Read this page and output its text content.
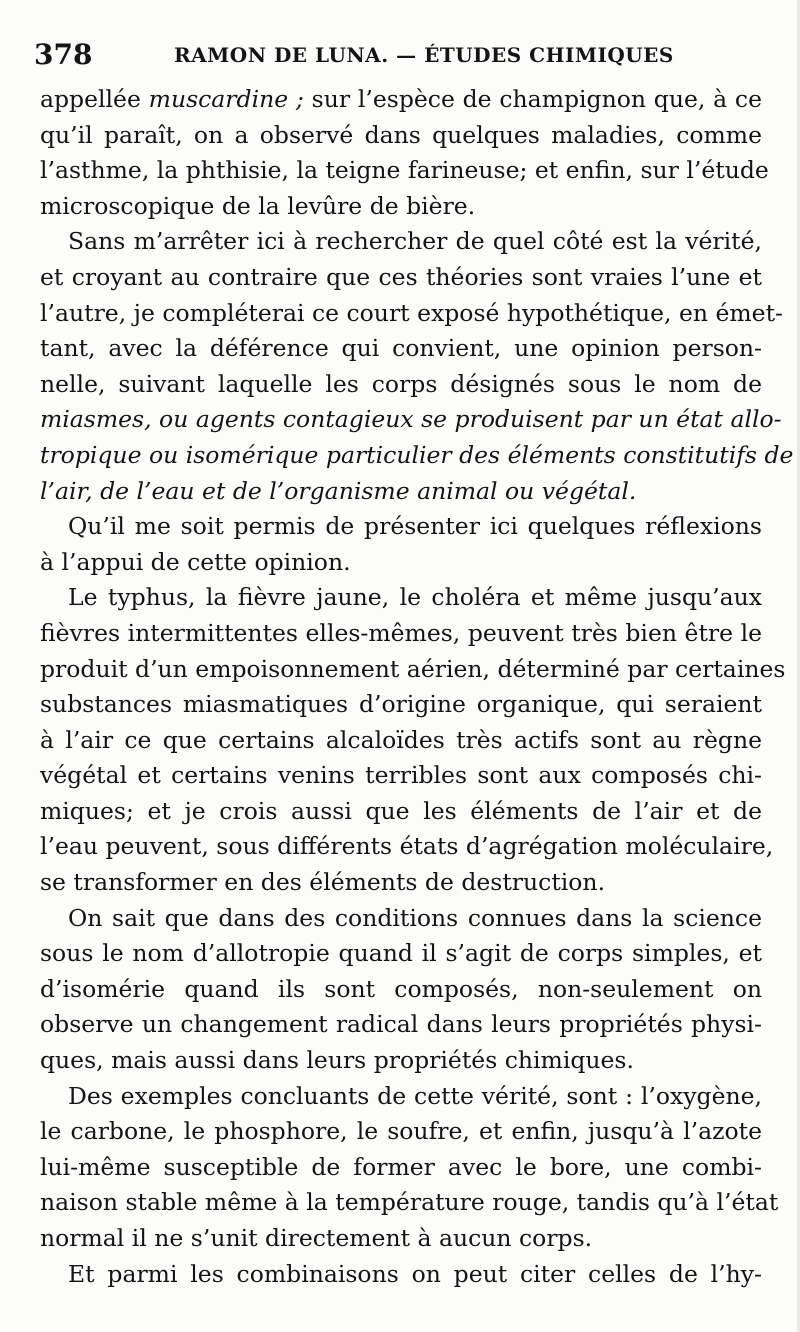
378	RAMON DE LUNA. — ÉTUDES CHIMIQUES
appellée muscardine ; sur l’espèce de champignon que, à ce
qu’il paraît, on a observé dans quelques maladies, comme
l’asthme, la phthisie, la teigne farineuse; et enfin, sur l’étude
microscopique de la levûre de bière.
Sans m’arrêter ici à rechercher de quel côté est la vérité,
et croyant au contraire que ces théories sont vraies l’une et
l’autre, je compléterai ce court exposé hypothétique, en émet-
tant, avec la déférence qui convient, une opinion person-
nelle, suivant laquelle les corps désignés sous le nom de
miasmes, ou agents contagieux se produisent par un état allo-
tropique ou isomérique particulier des éléments constitutifs de
l’air, de l’eau et de l’organisme animal ou végétal.
Qu’il me soit permis de présenter ici quelques réflexions
à l’appui de cette opinion.
Le typhus, la fièvre jaune, le choléra et même jusqu’aux
fièvres intermittentes elles-mêmes, peuvent très bien être le
produit d’un empoisonnement aérien, déterminé par certaines
substances miasmatiques d’origine organique, qui seraient
à l’air ce que certains alcaloïdes très actifs sont au règne
végétal et certains venins terribles sont aux composés chi-
miques; et je crois aussi que les éléments de l’air et de
l’eau peuvent, sous différents états d’agrégation moléculaire,
se transformer en des éléments de destruction.
On sait que dans des conditions connues dans la science
sous le nom d’allotropie quand il s’agit de corps simples, et
d’isomérie quand ils sont composés, non-seulement on
observe un changement radical dans leurs propriétés physi-
ques, mais aussi dans leurs propriétés chimiques.
Des exemples concluants de cette vérité, sont : l’oxygène,
le carbone, le phosphore, le soufre, et enfin, jusqu’à l’azote
lui-même susceptible de former avec le bore, une combi-
naison stable même à la température rouge, tandis qu’à l’état
normal il ne s’unit directement à aucun corps.
Et parmi les combinaisons on peut citer celles de l’hy-
